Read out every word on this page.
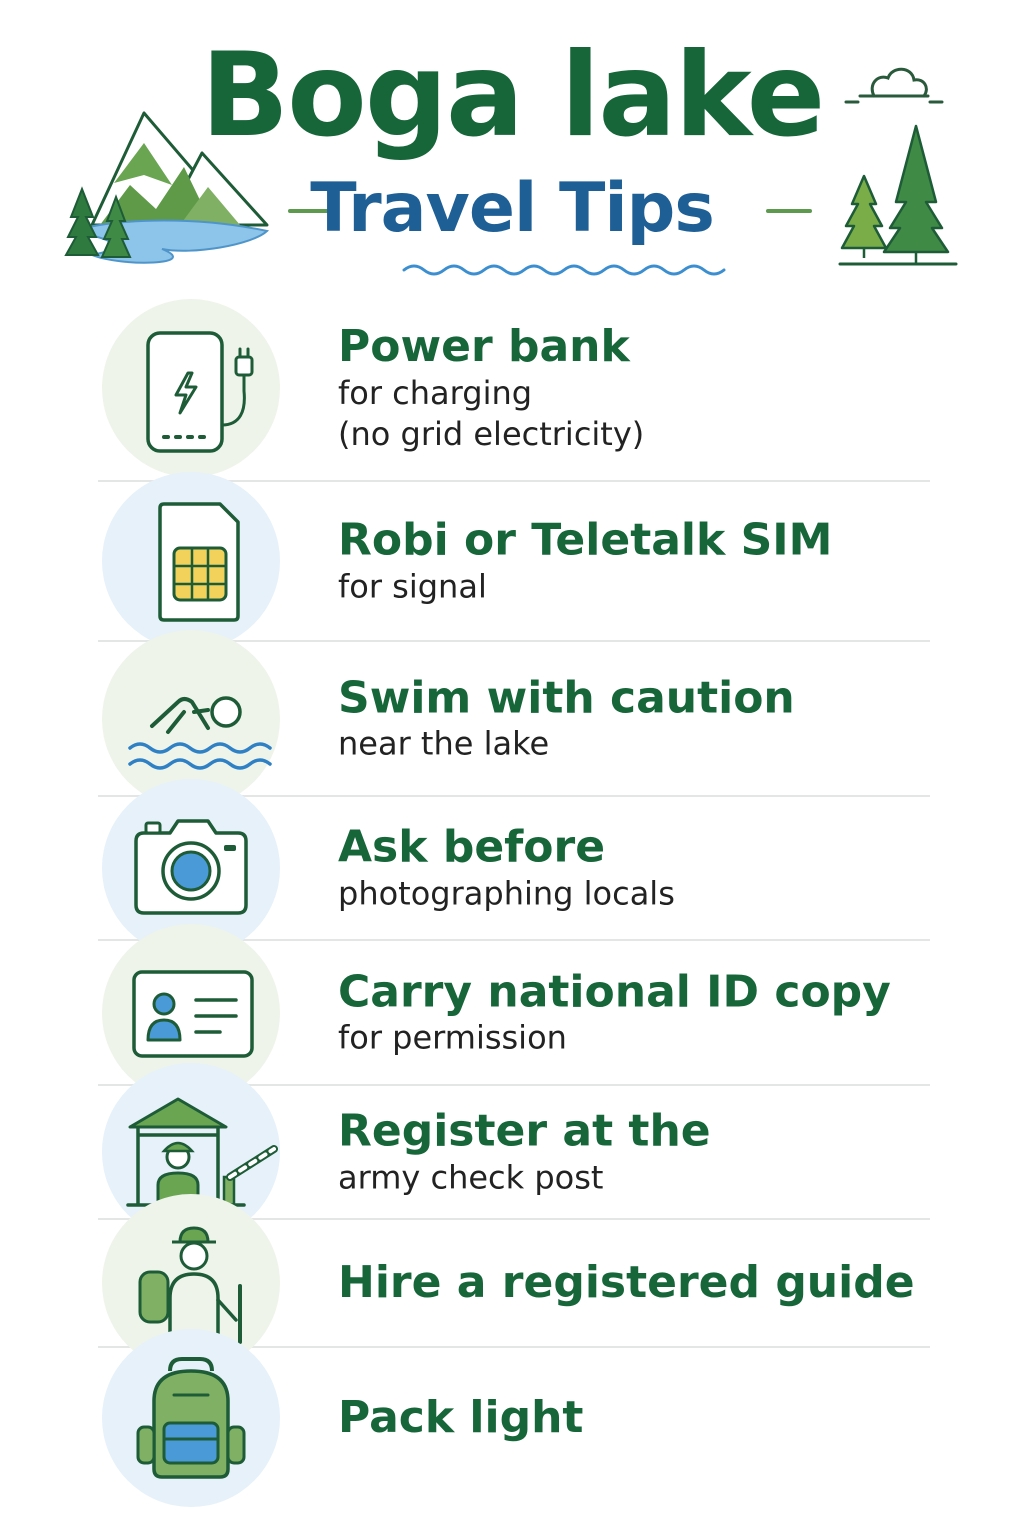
Boga lake
Travel Tips
Power bank
for charging
(no grid electricity)
Robi or Teletalk SIM
for signal
Swim with caution
near the lake
Ask before
photographing locals
Carry national ID copy
for permission
Register at the
army check post
Hire a registered guide
Pack light
